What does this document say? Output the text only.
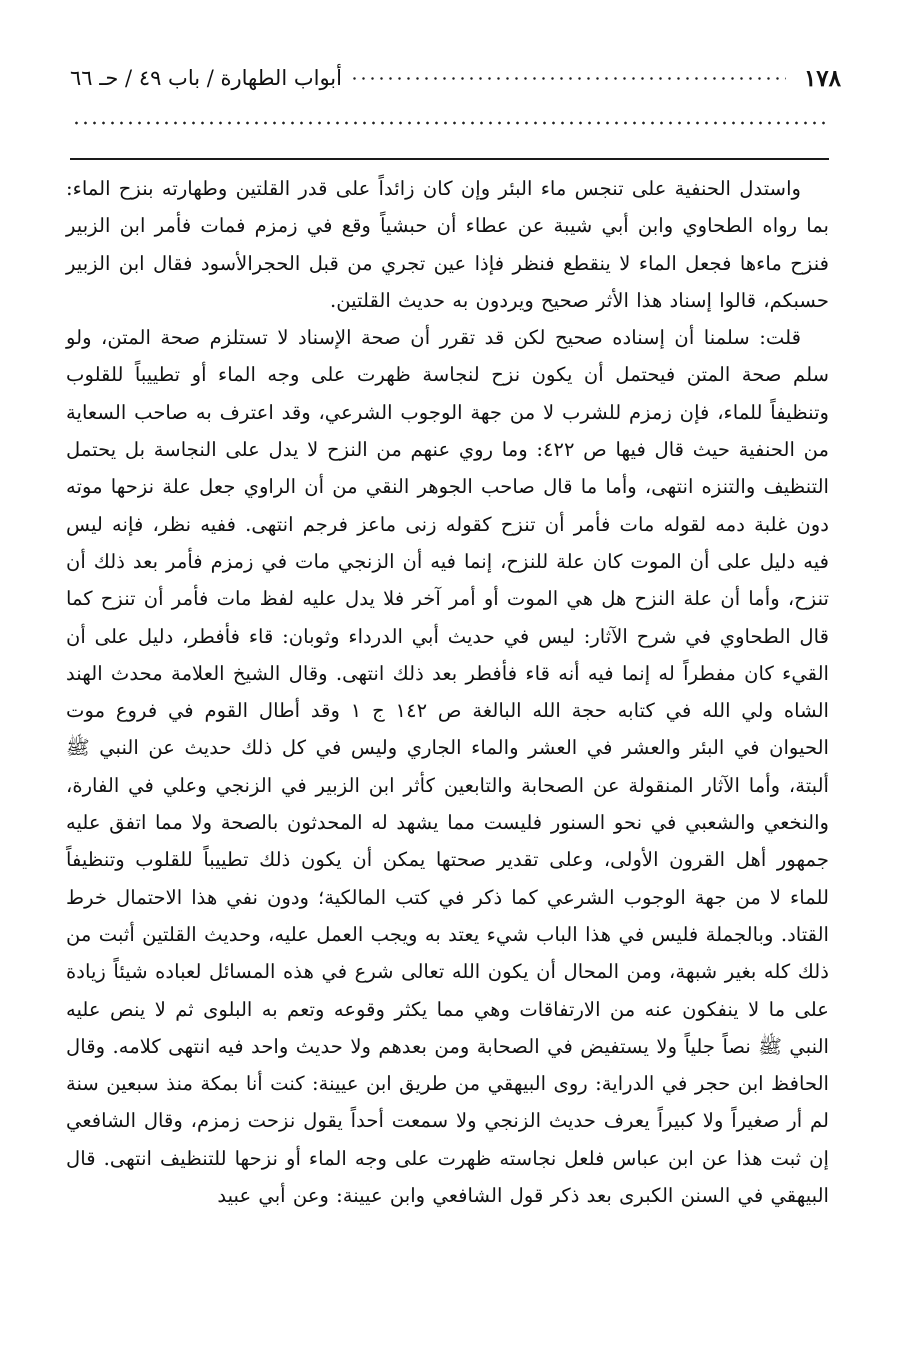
١٧٨
أبواب الطهارة / باب ٤٩ / حـ ٦٦

واستدل الحنفية على تنجس ماء البئر وإن كان زائداً على قدر القلتين وطهارته بنزح الماء: بما رواه الطحاوي وابن أبي شيبة عن عطاء أن حبشياً وقع في زمزم فمات فأمر ابن الزبير فنزح ماءها فجعل الماء لا ينقطع فنظر فإذا عين تجري من قبل الحجرالأسود فقال ابن الزبير حسبكم، قالوا إسناد هذا الأثر صحيح ويردون به حديث القلتين.

قلت: سلمنا أن إسناده صحيح لكن قد تقرر أن صحة الإسناد لا تستلزم صحة المتن، ولو سلم صحة المتن فيحتمل أن يكون نزح لنجاسة ظهرت على وجه الماء أو تطييباً للقلوب وتنظيفاً للماء، فإن زمزم للشرب لا من جهة الوجوب الشرعي، وقد اعترف به صاحب السعاية من الحنفية حيث قال فيها ص ٤٢٢: وما روي عنهم من النزح لا يدل على النجاسة بل يحتمل التنظيف والتنزه انتهى، وأما ما قال صاحب الجوهر النقي من أن الراوي جعل علة نزحها موته دون غلبة دمه لقوله مات فأمر أن تنزح كقوله زنى ماعز فرجم انتهى. ففيه نظر، فإنه ليس فيه دليل على أن الموت كان علة للنزح، إنما فيه أن الزنجي مات في زمزم فأمر بعد ذلك أن تنزح، وأما أن علة النزح هل هي الموت أو أمر آخر فلا يدل عليه لفظ مات فأمر أن تنزح كما قال الطحاوي في شرح الآثار: ليس في حديث أبي الدرداء وثوبان: قاء فأفطر، دليل على أن القيء كان مفطراً له إنما فيه أنه قاء فأفطر بعد ذلك انتهى. وقال الشيخ العلامة محدث الهند الشاه ولي الله في كتابه حجة الله البالغة ص ١٤٢ ج ١ وقد أطال القوم في فروع موت الحيوان في البئر والعشر في العشر والماء الجاري وليس في كل ذلك حديث عن النبي ﷺ ألبتة، وأما الآثار المنقولة عن الصحابة والتابعين كأثر ابن الزبير في الزنجي وعلي في الفارة، والنخعي والشعبي في نحو السنور فليست مما يشهد له المحدثون بالصحة ولا مما اتفق عليه جمهور أهل القرون الأولى، وعلى تقدير صحتها يمكن أن يكون ذلك تطييباً للقلوب وتنظيفاً للماء لا من جهة الوجوب الشرعي كما ذكر في كتب المالكية؛ ودون نفي هذا الاحتمال خرط القتاد. وبالجملة فليس في هذا الباب شيء يعتد به ويجب العمل عليه، وحديث القلتين أثبت من ذلك كله بغير شبهة، ومن المحال أن يكون الله تعالى شرع في هذه المسائل لعباده شيئاً زيادة على ما لا ينفكون عنه من الارتفاقات وهي مما يكثر وقوعه وتعم به البلوى ثم لا ينص عليه النبي ﷺ نصاً جلياً ولا يستفيض في الصحابة ومن بعدهم ولا حديث واحد فيه انتهى كلامه. وقال الحافظ ابن حجر في الدراية: روى البيهقي من طريق ابن عيينة: كنت أنا بمكة منذ سبعين سنة لم أر صغيراً ولا كبيراً يعرف حديث الزنجي ولا سمعت أحداً يقول نزحت زمزم، وقال الشافعي إن ثبت هذا عن ابن عباس فلعل نجاسته ظهرت على وجه الماء أو نزحها للتنظيف انتهى. قال البيهقي في السنن الكبرى بعد ذكر قول الشافعي وابن عيينة: وعن أبي عبيد
